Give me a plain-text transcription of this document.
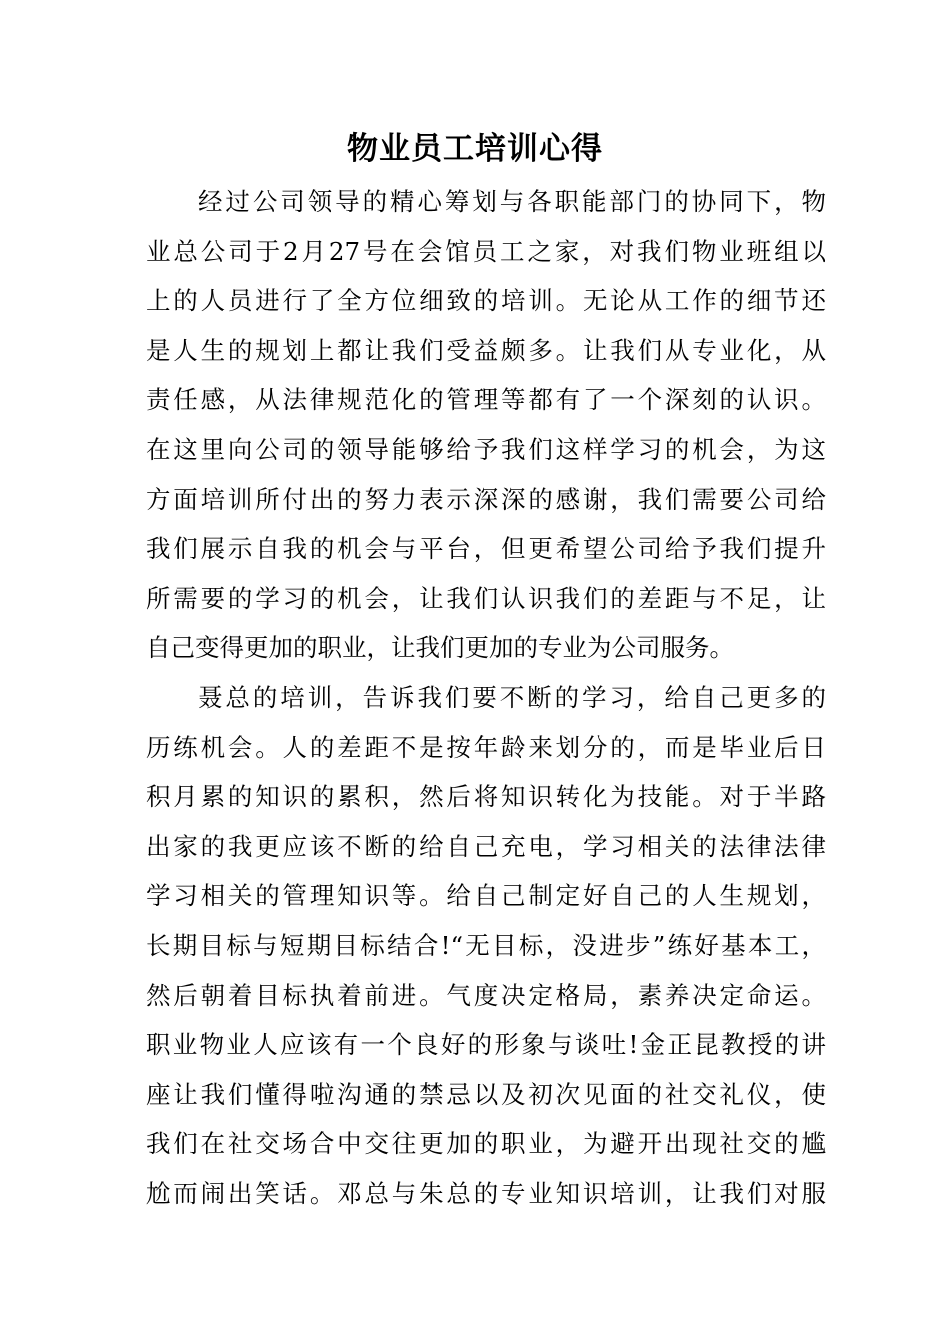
物业员工培训心得
经过公司领导的精心筹划与各职能部门的协同下，物
业总公司于2月27号在会馆员工之家，对我们物业班组以
上的人员进行了全方位细致的培训。无论从工作的细节还
是人生的规划上都让我们受益颇多。让我们从专业化，从
责任感，从法律规范化的管理等都有了一个深刻的认识。
在这里向公司的领导能够给予我们这样学习的机会，为这
方面培训所付出的努力表示深深的感谢，我们需要公司给
我们展示自我的机会与平台，但更希望公司给予我们提升
所需要的学习的机会，让我们认识我们的差距与不足，让
自己变得更加的职业，让我们更加的专业为公司服务。
聂总的培训，告诉我们要不断的学习，给自己更多的
历练机会。人的差距不是按年龄来划分的，而是毕业后日
积月累的知识的累积，然后将知识转化为技能。对于半路
出家的我更应该不断的给自己充电，学习相关的法律法律
学习相关的管理知识等。给自己制定好自己的人生规划，
长期目标与短期目标结合!“无目标，没进步”练好基本工，
然后朝着目标执着前进。气度决定格局，素养决定命运。
职业物业人应该有一个良好的形象与谈吐!金正昆教授的讲
座让我们懂得啦沟通的禁忌以及初次见面的社交礼仪，使
我们在社交场合中交往更加的职业，为避开出现社交的尴
尬而闹出笑话。邓总与朱总的专业知识培训，让我们对服
